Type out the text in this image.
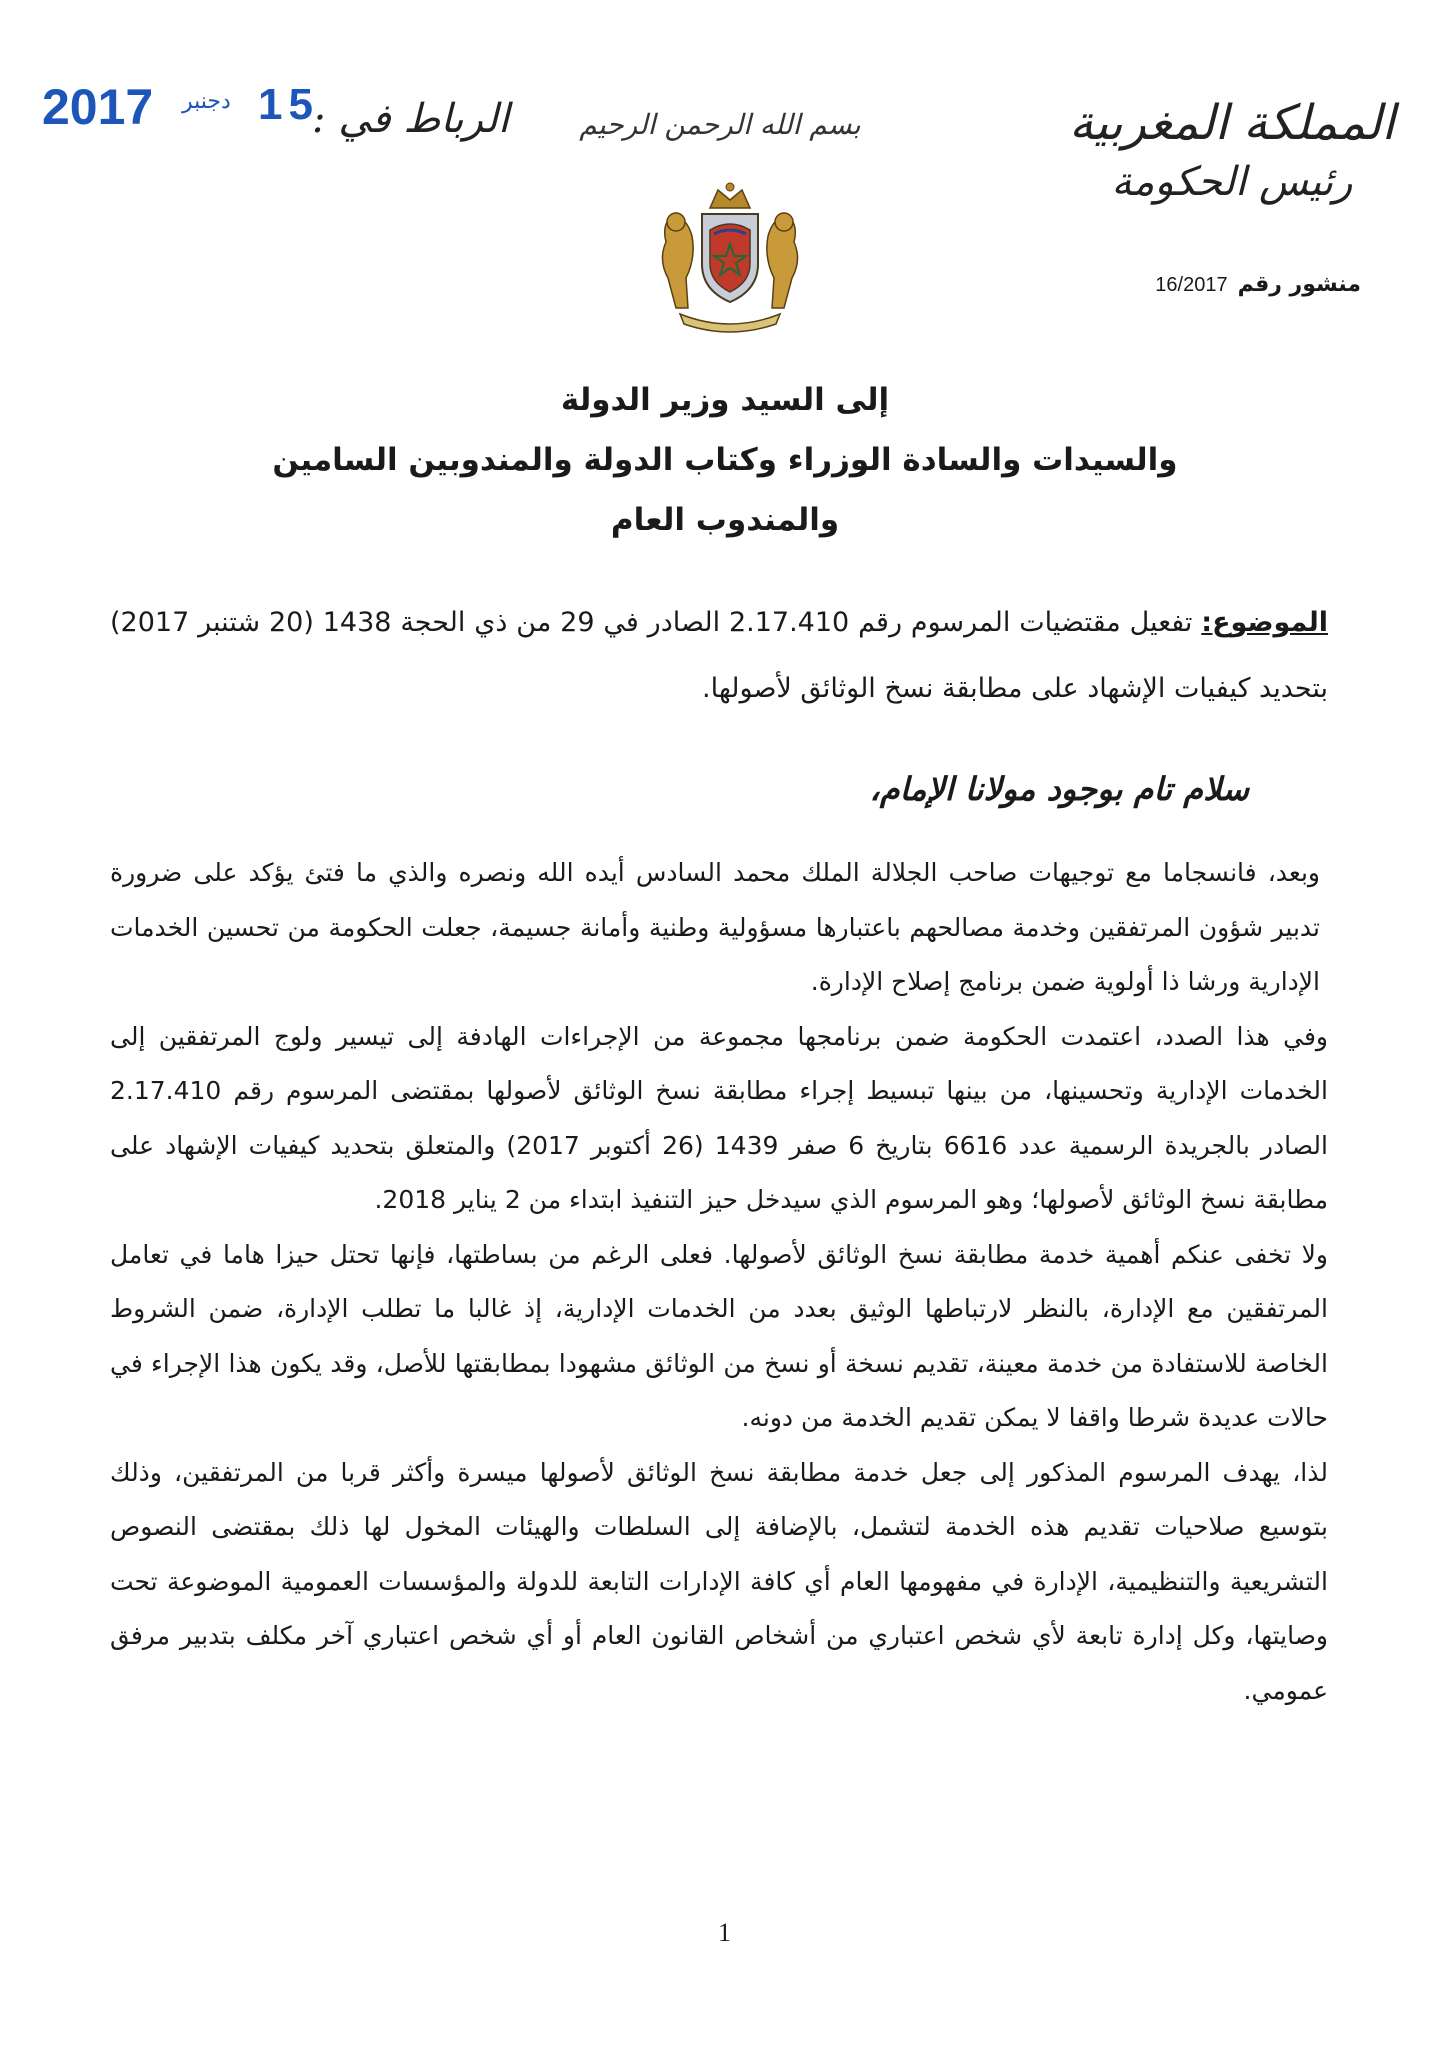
المملكة المغربية
رئيس الحكومة
منشور رقم16/2017
بسم الله الرحمن الرحيم
الرباط في :
2017 دجنبر 15
إلى السيد وزير الدولة
والسيدات والسادة الوزراء وكتاب الدولة والمندوبين السامين
والمندوب العام
الموضوع: تفعيل مقتضيات المرسوم رقم 2.17.410 الصادر في 29 من ذي الحجة 1438 (20 شتنبر 2017) بتحديد كيفيات الإشهاد على مطابقة نسخ الوثائق لأصولها.
سلام تام بوجود مولانا الإمام،

وبعد، فانسجاما مع توجيهات صاحب الجلالة الملك محمد السادس أيده الله ونصره والذي ما فتئ يؤكد على ضرورة تدبير شؤون المرتفقين وخدمة مصالحهم باعتبارها مسؤولية وطنية وأمانة جسيمة، جعلت الحكومة من تحسين الخدمات الإدارية ورشا ذا أولوية ضمن برنامج إصلاح الإدارة.

وفي هذا الصدد، اعتمدت الحكومة ضمن برنامجها مجموعة من الإجراءات الهادفة إلى تيسير ولوج المرتفقين إلى الخدمات الإدارية وتحسينها، من بينها تبسيط إجراء مطابقة نسخ الوثائق لأصولها بمقتضى المرسوم رقم 2.17.410 الصادر بالجريدة الرسمية عدد 6616 بتاريخ 6 صفر 1439 (26 أكتوبر 2017) والمتعلق بتحديد كيفيات الإشهاد على مطابقة نسخ الوثائق لأصولها؛ وهو المرسوم الذي سيدخل حيز التنفيذ ابتداء من 2 يناير 2018.

ولا تخفى عنكم أهمية خدمة مطابقة نسخ الوثائق لأصولها. فعلى الرغم من بساطتها، فإنها تحتل حيزا هاما في تعامل المرتفقين مع الإدارة، بالنظر لارتباطها الوثيق بعدد من الخدمات الإدارية، إذ غالبا ما تطلب الإدارة، ضمن الشروط الخاصة للاستفادة من خدمة معينة، تقديم نسخة أو نسخ من الوثائق مشهودا بمطابقتها للأصل، وقد يكون هذا الإجراء في حالات عديدة شرطا واقفا لا يمكن تقديم الخدمة من دونه.

لذا، يهدف المرسوم المذكور إلى جعل خدمة مطابقة نسخ الوثائق لأصولها ميسرة وأكثر قربا من المرتفقين، وذلك بتوسيع صلاحيات تقديم هذه الخدمة لتشمل، بالإضافة إلى السلطات والهيئات المخول لها ذلك بمقتضى النصوص التشريعية والتنظيمية، الإدارة في مفهومها العام أي كافة الإدارات التابعة للدولة والمؤسسات العمومية الموضوعة تحت وصايتها، وكل إدارة تابعة لأي شخص اعتباري من أشخاص القانون العام أو أي شخص اعتباري آخر مكلف بتدبير مرفق عمومي.

1
